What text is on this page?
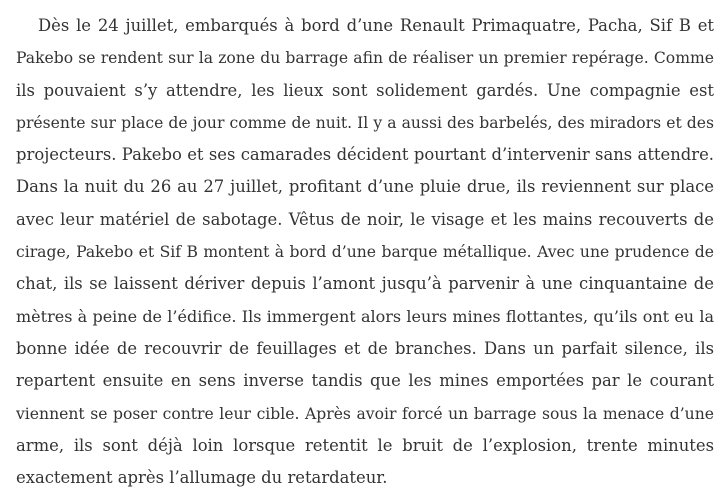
Dès le 24 juillet, embarqués à bord d’une Renault Primaquatre, Pacha, Sif B et
Pakebo se rendent sur la zone du barrage afin de réaliser un premier repérage. Comme
ils pouvaient s’y attendre, les lieux sont solidement gardés. Une compagnie est
présente sur place de jour comme de nuit. Il y a aussi des barbelés, des miradors et des
projecteurs. Pakebo et ses camarades décident pourtant d’intervenir sans attendre.
Dans la nuit du 26 au 27 juillet, profitant d’une pluie drue, ils reviennent sur place
avec leur matériel de sabotage. Vêtus de noir, le visage et les mains recouverts de
cirage, Pakebo et Sif B montent à bord d’une barque métallique. Avec une prudence de
chat, ils se laissent dériver depuis l’amont jusqu’à parvenir à une cinquantaine de
mètres à peine de l’édifice. Ils immergent alors leurs mines flottantes, qu’ils ont eu la
bonne idée de recouvrir de feuillages et de branches. Dans un parfait silence, ils
repartent ensuite en sens inverse tandis que les mines emportées par le courant
viennent se poser contre leur cible. Après avoir forcé un barrage sous la menace d’une
arme, ils sont déjà loin lorsque retentit le bruit de l’explosion, trente minutes
exactement après l’allumage du retardateur.
